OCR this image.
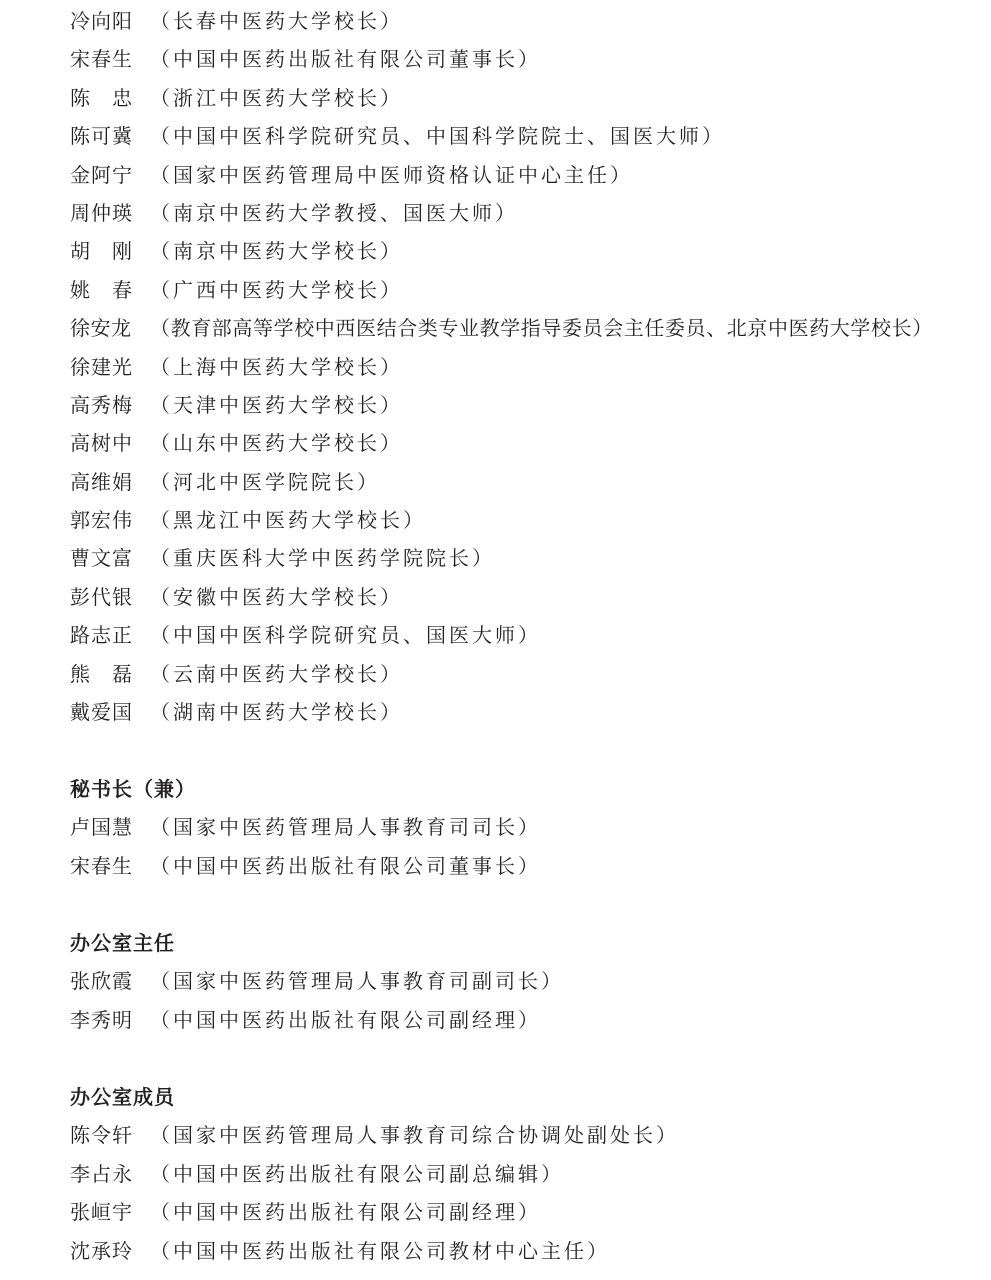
冷向阳 （长春中医药大学校长）
宋春生 （中国中医药出版社有限公司董事长）
陈　忠 （浙江中医药大学校长）
陈可冀 （中国中医科学院研究员、中国科学院院士、国医大师）
金阿宁 （国家中医药管理局中医师资格认证中心主任）
周仲瑛 （南京中医药大学教授、国医大师）
胡　刚 （南京中医药大学校长）
姚　春 （广西中医药大学校长）
徐安龙 （教育部高等学校中西医结合类专业教学指导委员会主任委员、北京中医药大学校长）
徐建光 （上海中医药大学校长）
高秀梅 （天津中医药大学校长）
高树中 （山东中医药大学校长）
高维娟 （河北中医学院院长）
郭宏伟 （黑龙江中医药大学校长）
曹文富 （重庆医科大学中医药学院院长）
彭代银 （安徽中医药大学校长）
路志正 （中国中医科学院研究员、国医大师）
熊　磊 （云南中医药大学校长）
戴爱国 （湖南中医药大学校长）
秘书长（兼）
卢国慧 （国家中医药管理局人事教育司司长）
宋春生 （中国中医药出版社有限公司董事长）
办公室主任
张欣霞 （国家中医药管理局人事教育司副司长）
李秀明 （中国中医药出版社有限公司副经理）
办公室成员
陈令轩 （国家中医药管理局人事教育司综合协调处副处长）
李占永 （中国中医药出版社有限公司副总编辑）
张峘宇 （中国中医药出版社有限公司副经理）
沈承玲 （中国中医药出版社有限公司教材中心主任）
